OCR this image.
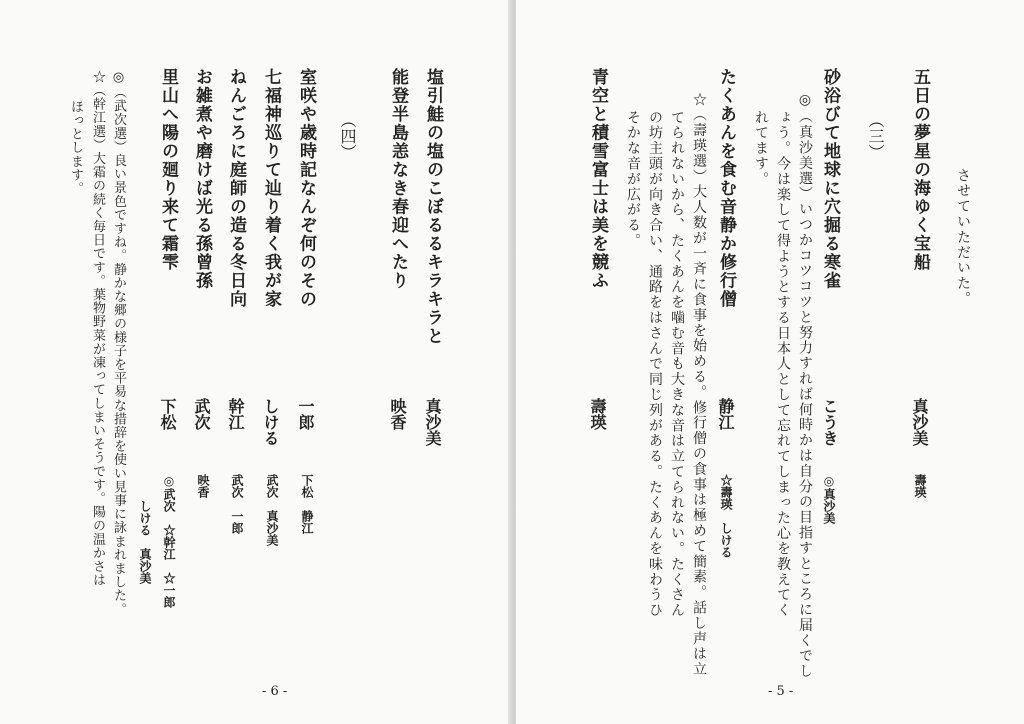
塩引鮭の塩のこぼるるキラキラと
真沙美
能登半島恙なき春迎へたり
映香
（四）
室咲や歳時記なんぞ何のその
一郎
下松　静江
七福神巡りて辿り着く我が家
しける
武次　真沙美
ねんごろに庭師の造る冬日向
幹江
武次　一郎
お雑煮や磨けば光る孫曾孫
武次
映香
里山へ陽の廻り来て霜雫
下松
◎武次　☆幹江　☆一郎
しける　真沙美
◎（武次選）良い景色ですね。静かな郷の様子を平易な措辞を使い見事に詠まれました。
☆（幹江選）大霜の続く毎日です。葉物野菜が凍ってしまいそうです。陽の温かさは
ほっとします。
- 6 -
させていただいた。
五日の夢星の海ゆく宝船
真沙美
壽瑛
（三）
砂浴びて地球に穴掘る寒雀
こうき
◎真沙美
◎（真沙美選）いつかコツコツと努力すれば何時かは自分の目指すところに届くでし
ょう。今は楽して得ようとする日本人として忘れてしまった心を教えてく
れてます。
たくあんを食む音静か修行僧
静江
☆壽瑛　しける
☆（壽瑛選）大人数が一斉に食事を始める。修行僧の食事は極めて簡素。話し声は立
てられないから、たくあんを噛む音も大きな音は立てられない。たくさん
の坊主頭が向き合い、通路をはさんで同じ列がある。たくあんを味わうひ
そかな音が広がる。
青空と積雪富士は美を競ふ
壽瑛
- 5 -
